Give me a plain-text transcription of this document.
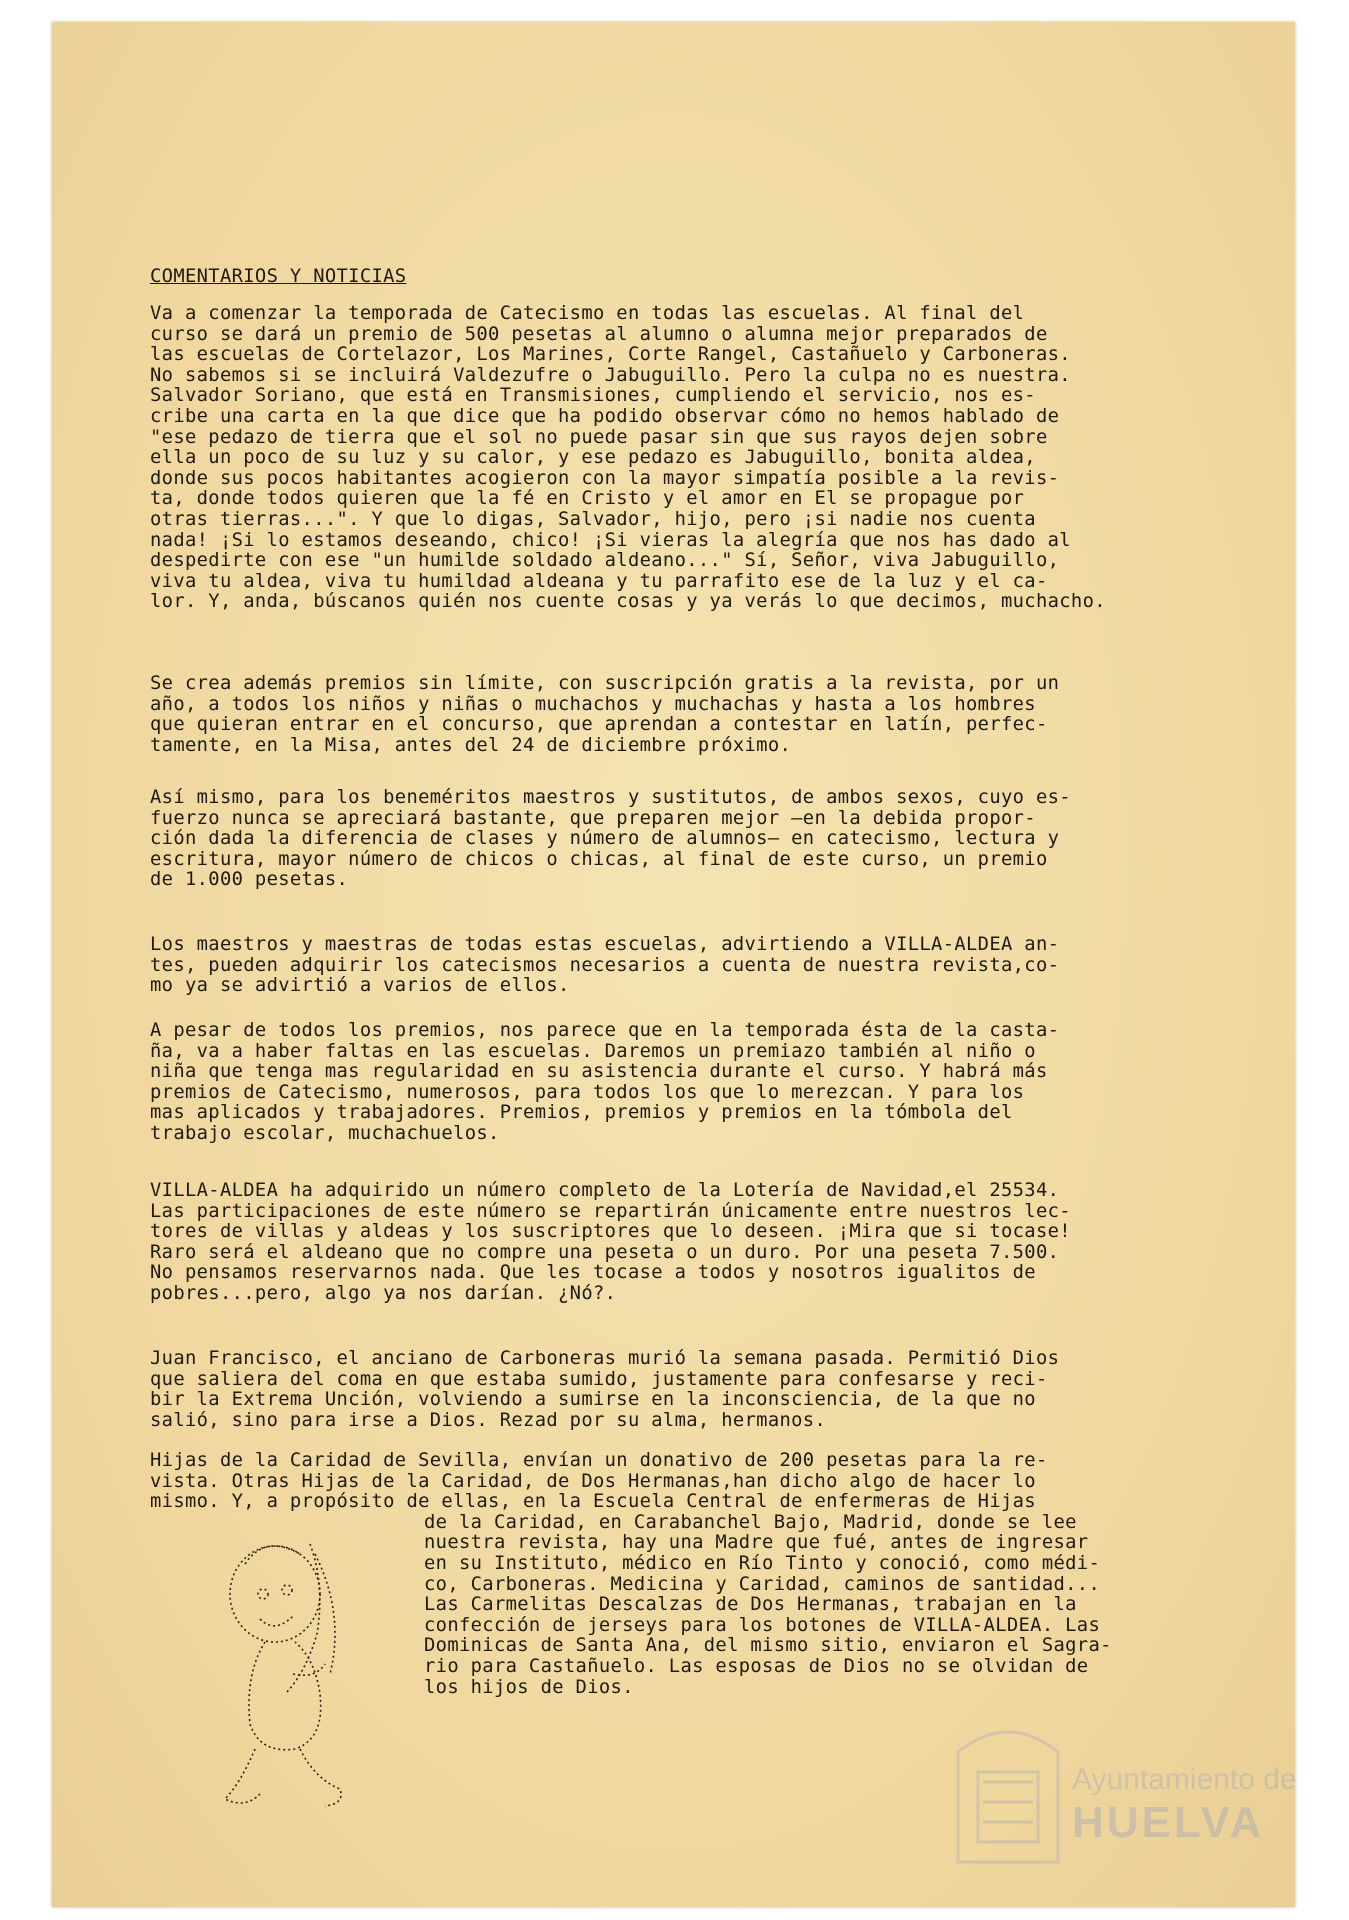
COMENTARIOS Y NOTICIAS
Va a comenzar la temporada de Catecismo en todas las escuelas. Al final del
curso se dará un premio de 500 pesetas al alumno o alumna mejor preparados de
las escuelas de Cortelazor, Los Marines, Corte Rangel, Castañuelo y Carboneras.
No sabemos si se incluirá Valdezufre o Jabuguillo. Pero la culpa no es nuestra.
Salvador Soriano, que está en Transmisiones, cumpliendo el servicio, nos es-
cribe una carta en la que dice que ha podido observar cómo no hemos hablado de
"ese pedazo de tierra que el sol no puede pasar sin que sus rayos dejen sobre
ella un poco de su luz y su calor, y ese pedazo es Jabuguillo, bonita aldea,
donde sus pocos habitantes acogieron con la mayor simpatía posible a la revis-
ta, donde todos quieren que la fé en Cristo y el amor en El se propague por
otras tierras...". Y que lo digas, Salvador, hijo, pero ¡si nadie nos cuenta
nada! ¡Si lo estamos deseando, chico! ¡Si vieras la alegría que nos has dado al
despedirte con ese "un humilde soldado aldeano..." Sí, Señor, viva Jabuguillo,
viva tu aldea, viva tu humildad aldeana y tu parrafito ese de la luz y el ca-
lor. Y, anda, búscanos quién nos cuente cosas y ya verás lo que decimos, muchacho.
Se crea además premios sin límite, con suscripción gratis a la revista, por un
año, a todos los niños y niñas o muchachos y muchachas y hasta a los hombres
que quieran entrar en el concurso, que aprendan a contestar en latín, perfec-
tamente, en la Misa, antes del 24 de diciembre próximo.
Así mismo, para los beneméritos maestros y sustitutos, de ambos sexos, cuyo es-
fuerzo nunca se apreciará bastante, que preparen mejor —en la debida propor-
ción dada la diferencia de clases y número de alumnos— en catecismo, lectura y
escritura, mayor número de chicos o chicas, al final de este curso, un premio
de 1.000 pesetas.
Los maestros y maestras de todas estas escuelas, advirtiendo a VILLA-ALDEA an-
tes, pueden adquirir los catecismos necesarios a cuenta de nuestra revista,co-
mo ya se advirtió a varios de ellos.
A pesar de todos los premios, nos parece que en la temporada ésta de la casta-
ña, va a haber faltas en las escuelas. Daremos un premiazo también al niño o
niña que tenga mas regularidad en su asistencia durante el curso. Y habrá más
premios de Catecismo, numerosos, para todos los que lo merezcan. Y para los
mas aplicados y trabajadores. Premios, premios y premios en la tómbola del
trabajo escolar, muchachuelos.
VILLA-ALDEA ha adquirido un número completo de la Lotería de Navidad,el 25534.
Las participaciones de este número se repartirán únicamente entre nuestros lec-
tores de villas y aldeas y los suscriptores que lo deseen. ¡Mira que si tocase!
Raro será el aldeano que no compre una peseta o un duro. Por una peseta 7.500.
No pensamos reservarnos nada. Que les tocase a todos y nosotros igualitos de
pobres...pero, algo ya nos darían. ¿Nó?.
Juan Francisco, el anciano de Carboneras murió la semana pasada. Permitió Dios
que saliera del coma en que estaba sumido, justamente para confesarse y reci-
bir la Extrema Unción, volviendo a sumirse en la inconsciencia, de la que no
salió, sino para irse a Dios. Rezad por su alma, hermanos.
Hijas de la Caridad de Sevilla, envían un donativo de 200 pesetas para la re-
vista. Otras Hijas de la Caridad, de Dos Hermanas,han dicho algo de hacer lo
mismo. Y, a propósito de ellas, en la Escuela Central de enfermeras de Hijas
de la Caridad, en Carabanchel Bajo, Madrid, donde se lee
nuestra revista, hay una Madre que fué, antes de ingresar
en su Instituto, médico en Río Tinto y conoció, como médi-
co, Carboneras. Medicina y Caridad, caminos de santidad...
Las Carmelitas Descalzas de Dos Hermanas, trabajan en la
confección de jerseys para los botones de VILLA-ALDEA. Las
Dominicas de Santa Ana, del mismo sitio, enviaron el Sagra-
rio para Castañuelo. Las esposas de Dios no se olvidan de
los hijos de Dios.
Ayuntamiento de
HUELVA
